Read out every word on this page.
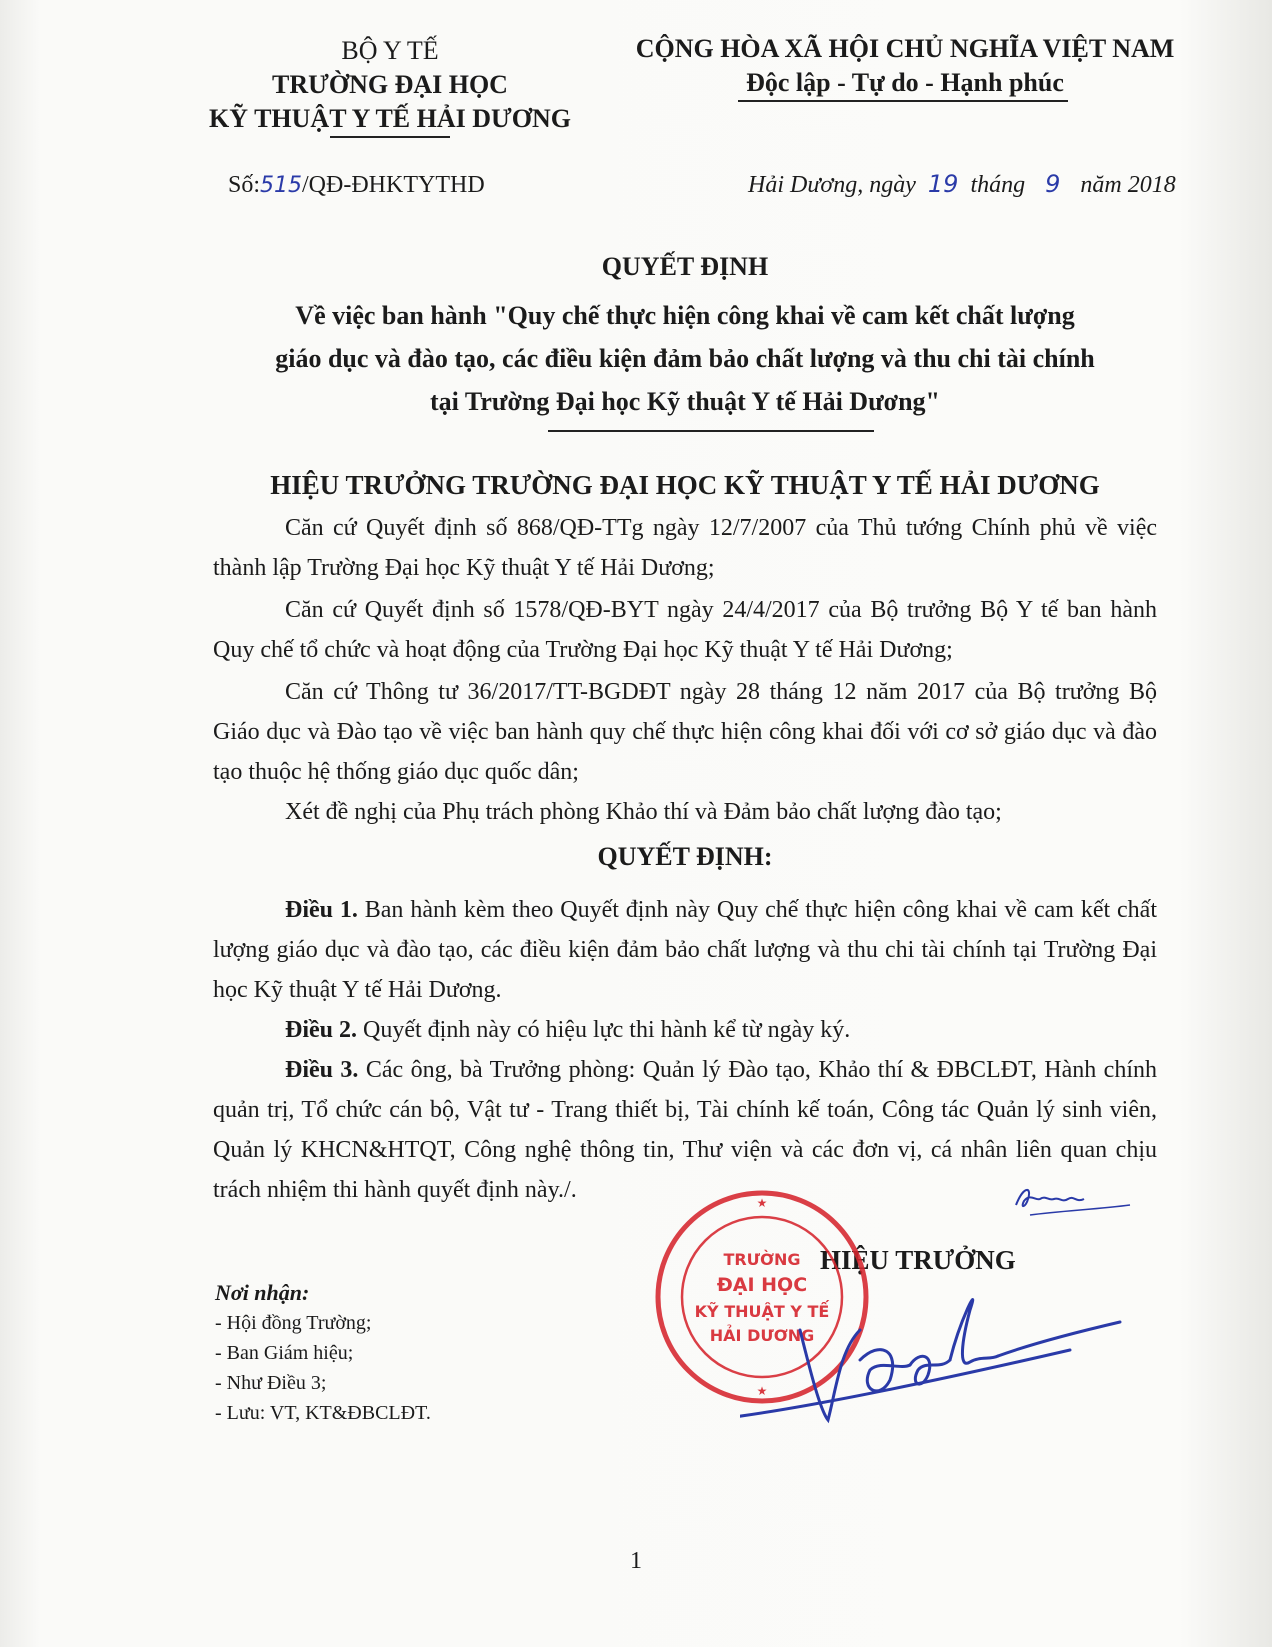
BỘ Y TẾ
TRƯỜNG ĐẠI HỌC
KỸ THUẬT Y TẾ HẢI DƯƠNG
CỘNG HÒA XÃ HỘI CHỦ NGHĨA VIỆT NAM
Độc lập - Tự do - Hạnh phúc
Số:515/QĐ-ĐHKTYTHD	Hải Dương, ngày 19 tháng 9 năm 2018
QUYẾT ĐỊNH
Về việc ban hành "Quy chế thực hiện công khai về cam kết chất lượng
giáo dục và đào tạo, các điều kiện đảm bảo chất lượng và thu chi tài chính
tại Trường Đại học Kỹ thuật Y tế Hải Dương"
HIỆU TRƯỞNG TRƯỜNG ĐẠI HỌC KỸ THUẬT Y TẾ HẢI DƯƠNG
Căn cứ Quyết định số 868/QĐ-TTg ngày 12/7/2007 của Thủ tướng Chính phủ về việc thành lập Trường Đại học Kỹ thuật Y tế Hải Dương;
Căn cứ Quyết định số 1578/QĐ-BYT ngày 24/4/2017 của Bộ trưởng Bộ Y tế ban hành Quy chế tổ chức và hoạt động của Trường Đại học Kỹ thuật Y tế Hải Dương;
Căn cứ Thông tư 36/2017/TT-BGDĐT ngày 28 tháng 12 năm 2017 của Bộ trưởng Bộ Giáo dục và Đào tạo về việc ban hành quy chế thực hiện công khai đối với cơ sở giáo dục và đào tạo thuộc hệ thống giáo dục quốc dân;
Xét đề nghị của Phụ trách phòng Khảo thí và Đảm bảo chất lượng đào tạo;
QUYẾT ĐỊNH:
Điều 1. Ban hành kèm theo Quyết định này Quy chế thực hiện công khai về cam kết chất lượng giáo dục và đào tạo, các điều kiện đảm bảo chất lượng và thu chi tài chính tại Trường Đại học Kỹ thuật Y tế Hải Dương.
Điều 2. Quyết định này có hiệu lực thi hành kể từ ngày ký.
Điều 3. Các ông, bà Trưởng phòng: Quản lý Đào tạo, Khảo thí & ĐBCLĐT, Hành chính quản trị, Tổ chức cán bộ, Vật tư - Trang thiết bị, Tài chính kế toán, Công tác Quản lý sinh viên, Quản lý KHCN&HTQT, Công nghệ thông tin, Thư viện và các đơn vị, cá nhân liên quan chịu trách nhiệm thi hành quyết định này./.
Nơi nhận:
- Hội đồng Trường;
- Ban Giám hiệu;
- Như Điều 3;
- Lưu: VT, KT&ĐBCLĐT.
HIỆU TRƯỞNG
TRƯỜNG
ĐẠI HỌC
KỸ THUẬT Y TẾ
HẢI DƯƠNG
★
★
1
